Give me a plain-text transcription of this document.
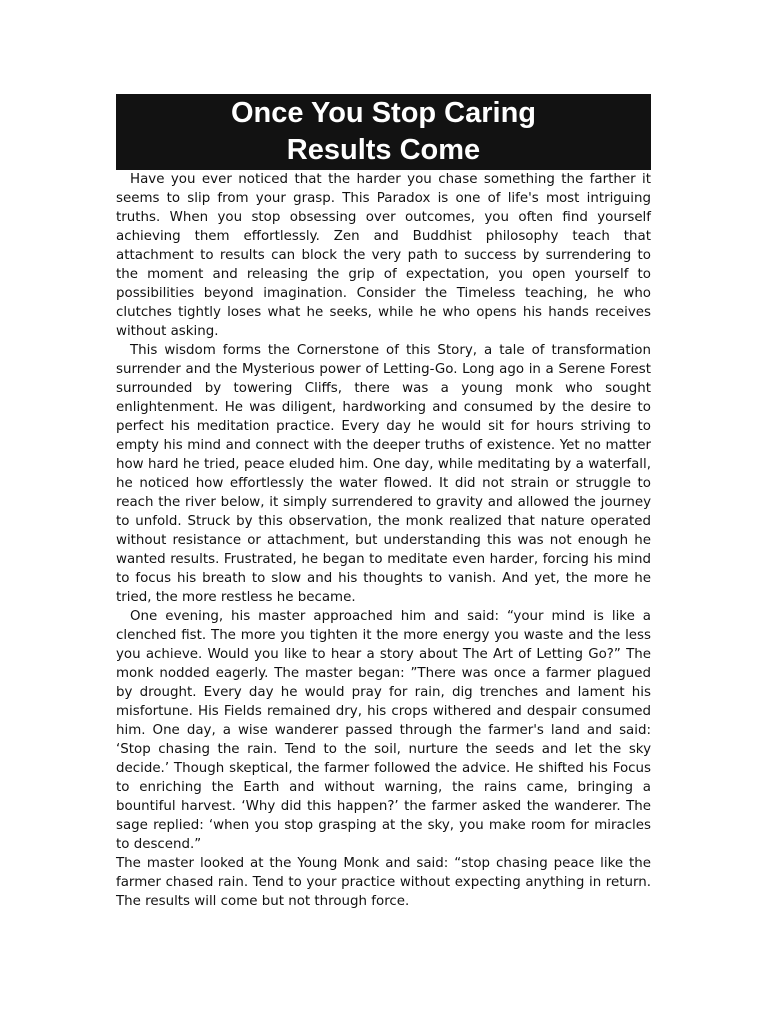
Once You Stop Caring
Results Come

Have you ever noticed that the harder you chase something the farther it seems to slip from your grasp. This Paradox is one of life's most intriguing truths. When you stop obsessing over outcomes, you often find yourself achieving them effortlessly. Zen and Buddhist philosophy teach that attachment to results can block the very path to success by surrendering to the moment and releasing the grip of expectation, you open yourself to possibilities beyond imagination. Consider the Timeless teaching, he who clutches tightly loses what he seeks, while he who opens his hands receives without asking.

This wisdom forms the Cornerstone of this Story, a tale of transformation surrender and the Mysterious power of Letting-Go. Long ago in a Serene Forest surrounded by towering Cliffs, there was a young monk who sought enlightenment. He was diligent, hardworking and consumed by the desire to perfect his meditation practice. Every day he would sit for hours striving to empty his mind and connect with the deeper truths of existence. Yet no matter how hard he tried, peace eluded him. One day, while meditating by a waterfall, he noticed how effortlessly the water flowed. It did not strain or struggle to reach the river below, it simply surrendered to gravity and allowed the journey to unfold. Struck by this observation, the monk realized that nature operated without resistance or attachment, but understanding this was not enough he wanted results. Frustrated, he began to meditate even harder, forcing his mind to focus his breath to slow and his thoughts to vanish. And yet, the more he tried, the more restless he became.

One evening, his master approached him and said: “your mind is like a clenched fist. The more you tighten it the more energy you waste and the less you achieve. Would you like to hear a story about The Art of Letting Go?” The monk nodded eagerly. The master began: ”There was once a farmer plagued by drought. Every day he would pray for rain, dig trenches and lament his misfortune. His Fields remained dry, his crops withered and despair consumed him. One day, a wise wanderer passed through the farmer's land and said: ‘Stop chasing the rain. Tend to the soil, nurture the seeds and let the sky decide.’ Though skeptical, the farmer followed the advice. He shifted his Focus to enriching the Earth and without warning, the rains came, bringing a bountiful harvest. ‘Why did this happen?’ the farmer asked the wanderer. The sage replied: ‘when you stop grasping at the sky, you make room for miracles to descend.”

The master looked at the Young Monk and said: “stop chasing peace like the farmer chased rain. Tend to your practice without expecting anything in return. The results will come but not through force.
